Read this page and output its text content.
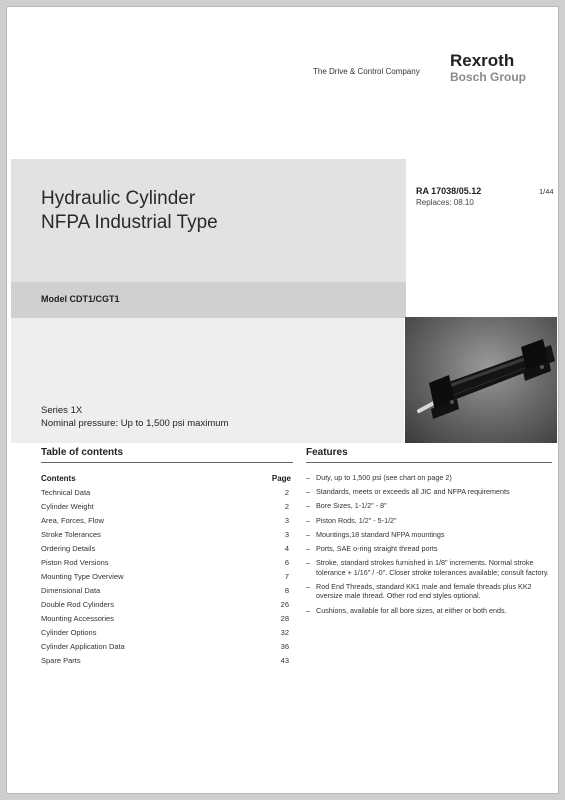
The Drive & Control Company
Rexroth
Bosch Group
Hydraulic Cylinder
NFPA Industrial Type
Model CDT1/CGT1
Series 1X
Nominal pressure: Up to 1,500 psi maximum
RA 17038/05.12
Replaces: 08.10
1/44
Table of contents	Features
Contents	Page
Technical Data	2
Cylinder Weight	2
Area, Forces, Flow	3
Stroke Tolerances	3
Ordering Details	4
Piston Rod Versions	6
Mounting Type Overview	7
Dimensional Data	8
Double Rod Cylinders	26
Mounting Accessories	28
Cylinder Options	32
Cylinder Application Data	36
Spare Parts	43
– Duty, up to 1,500 psi (see chart on page 2)
– Standards, meets or exceeds all JIC and NFPA requirements
– Bore Sizes, 1-1/2" - 8"
– Piston Rods, 1/2" - 5-1/2"
– Mountings,18 standard NFPA mountings
– Ports, SAE o-ring straight thread ports
– Stroke, standard strokes furnished in 1/8" increments. Normal stroke tolerance + 1/16" / -0". Closer stroke tolerances available; consult factory.
– Rod End Threads, standard KK1 male and female threads plus KK2 oversize male thread. Other rod end styles optional.
– Cushions, available for all bore sizes, at either or both ends.
